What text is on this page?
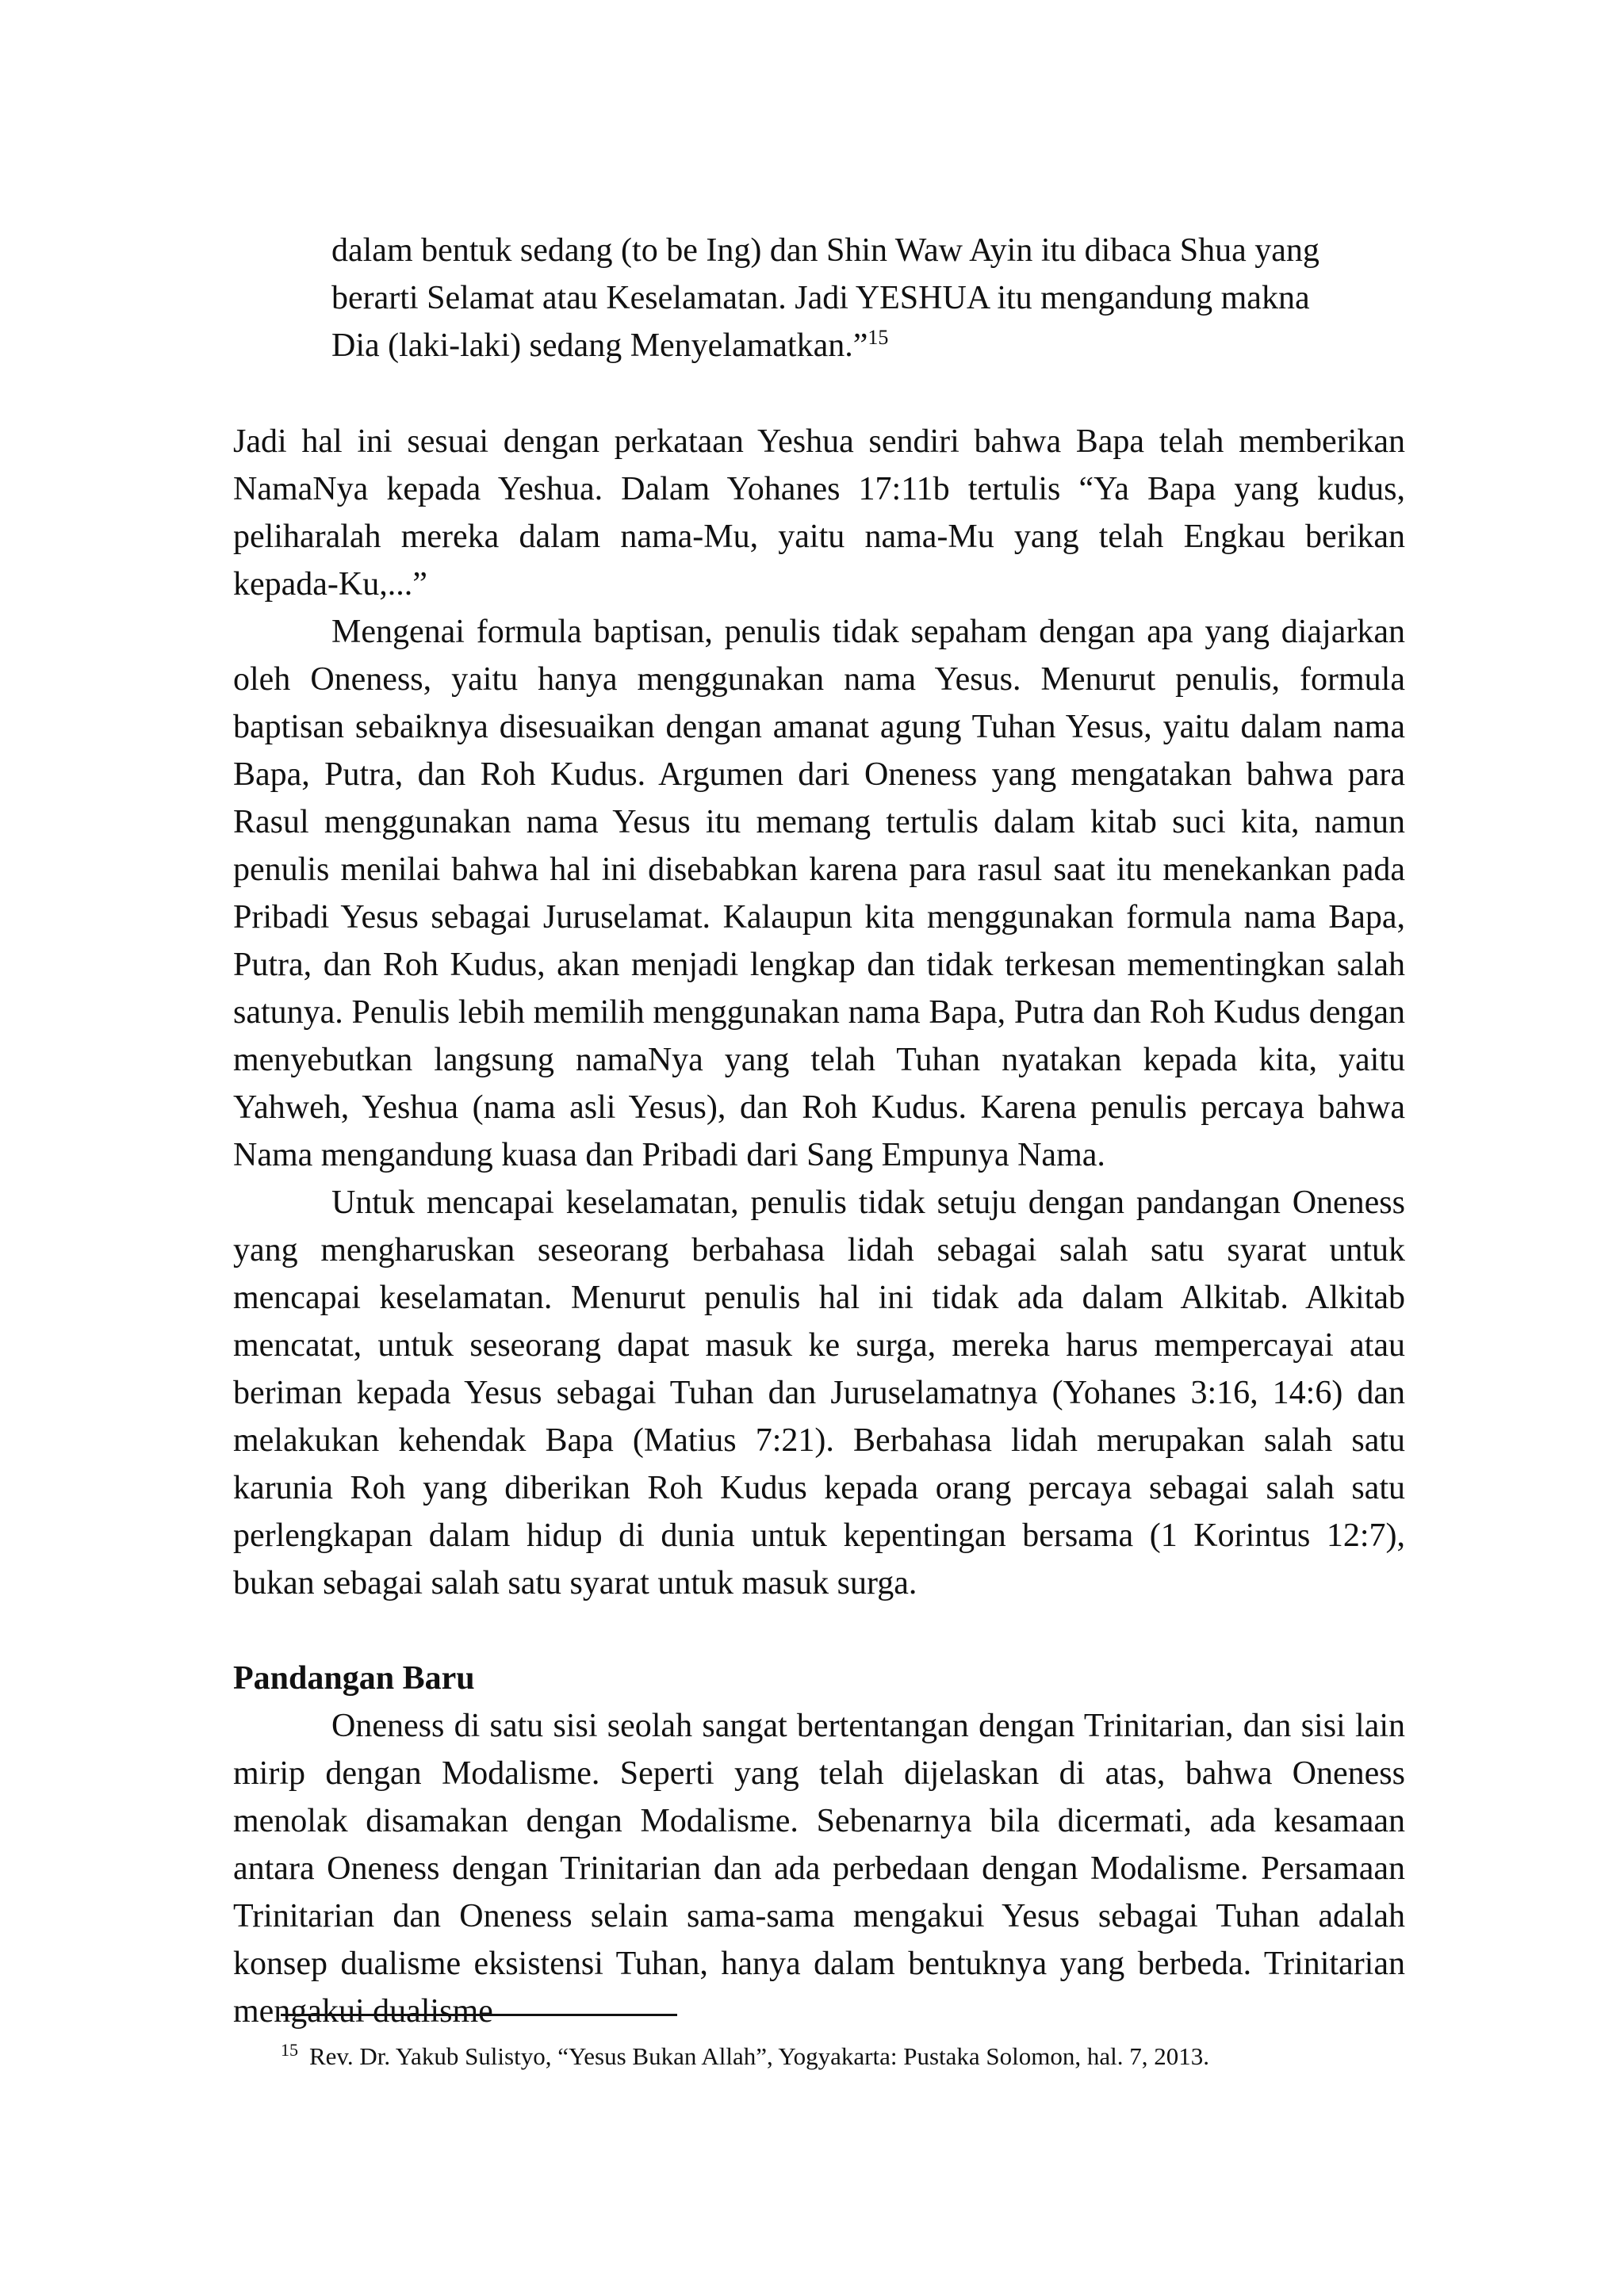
dalam bentuk sedang (to be Ing) dan Shin Waw Ayin itu dibaca Shua yang

berarti Selamat atau Keselamatan. Jadi YESHUA itu mengandung makna

Dia (laki-laki) sedang Menyelamatkan.”$^{15}$

Jadi hal ini sesuai dengan perkataan Yeshua sendiri bahwa Bapa telah memberikan NamaNya kepada Yeshua. Dalam Yohanes 17:11b tertulis “Ya Bapa yang kudus, peliharalah mereka dalam nama-Mu, yaitu nama-Mu yang telah Engkau berikan kepada-Ku,...”

Mengenai formula baptisan, penulis tidak sepaham dengan apa yang diajarkan oleh Oneness, yaitu hanya menggunakan nama Yesus. Menurut penulis, formula baptisan sebaiknya disesuaikan dengan amanat agung Tuhan Yesus, yaitu dalam nama Bapa, Putra, dan Roh Kudus. Argumen dari Oneness yang mengatakan bahwa para Rasul menggunakan nama Yesus itu memang tertulis dalam kitab suci kita, namun penulis menilai bahwa hal ini disebabkan karena para rasul saat itu menekankan pada Pribadi Yesus sebagai Juruselamat. Kalaupun kita menggunakan formula nama Bapa, Putra, dan Roh Kudus, akan menjadi lengkap dan tidak terkesan mementingkan salah satunya. Penulis lebih memilih menggunakan nama Bapa, Putra dan Roh Kudus dengan menyebutkan langsung namaNya yang telah Tuhan nyatakan kepada kita, yaitu Yahweh, Yeshua (nama asli Yesus), dan Roh Kudus. Karena penulis percaya bahwa Nama mengandung kuasa dan Pribadi dari Sang Empunya Nama.

Untuk mencapai keselamatan, penulis tidak setuju dengan pandangan Oneness yang mengharuskan seseorang berbahasa lidah sebagai salah satu syarat untuk mencapai keselamatan. Menurut penulis hal ini tidak ada dalam Alkitab. Alkitab mencatat, untuk seseorang dapat masuk ke surga, mereka harus mempercayai atau beriman kepada Yesus sebagai Tuhan dan Juruselamatnya (Yohanes 3:16, 14:6) dan melakukan kehendak Bapa (Matius 7:21). Berbahasa lidah merupakan salah satu karunia Roh yang diberikan Roh Kudus kepada orang percaya sebagai salah satu perlengkapan dalam hidup di dunia untuk kepentingan bersama (1 Korintus 12:7), bukan sebagai salah satu syarat untuk masuk surga.

Pandangan Baru

Oneness di satu sisi seolah sangat bertentangan dengan Trinitarian, dan sisi lain mirip dengan Modalisme. Seperti yang telah dijelaskan di atas, bahwa Oneness menolak disamakan dengan Modalisme. Sebenarnya bila dicermati, ada kesamaan antara Oneness dengan Trinitarian dan ada perbedaan dengan Modalisme. Persamaan Trinitarian dan Oneness selain sama-sama mengakui Yesus sebagai Tuhan adalah konsep dualisme eksistensi Tuhan, hanya dalam bentuknya yang berbeda. Trinitarian mengakui dualisme

$^{15}$ Rev. Dr. Yakub Sulistyo, “Yesus Bukan Allah”, Yogyakarta: Pustaka Solomon, hal. 7, 2013.
